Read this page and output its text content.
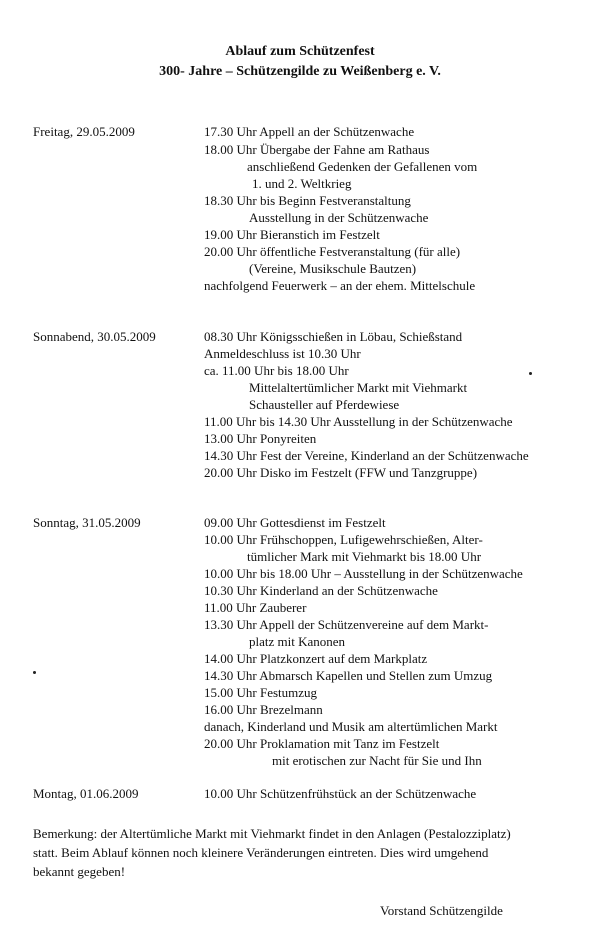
Ablauf zum Schützenfest
300- Jahre – Schützengilde zu Weißenberg e. V.
Freitag, 29.05.2009	17.30 Uhr Appell an der Schützenwache
18.00 Uhr Übergabe der Fahne am Rathaus
anschließend Gedenken der Gefallenen vom
1. und 2. Weltkrieg
18.30 Uhr bis Beginn Festveranstaltung
Ausstellung in der Schützenwache
19.00 Uhr Bieranstich im Festzelt
20.00 Uhr öffentliche Festveranstaltung (für alle)
(Vereine, Musikschule Bautzen)
nachfolgend Feuerwerk – an der ehem. Mittelschule
Sonnabend, 30.05.2009	08.30 Uhr Königsschießen in Löbau, Schießstand
Anmeldeschluss ist 10.30 Uhr
ca. 11.00 Uhr bis 18.00 Uhr
Mittelaltertümlicher Markt mit Viehmarkt
Schausteller auf Pferdewiese
11.00 Uhr bis 14.30 Uhr Ausstellung in der Schützenwache
13.00 Uhr Ponyreiten
14.30 Uhr Fest der Vereine, Kinderland an der Schützenwache
20.00 Uhr Disko im Festzelt (FFW und Tanzgruppe)
Sonntag, 31.05.2009	09.00 Uhr Gottesdienst im Festzelt
10.00 Uhr Frühschoppen, Lufigewehrschießen, Alter-
tümlicher Mark mit Viehmarkt bis 18.00 Uhr
10.00 Uhr bis 18.00 Uhr – Ausstellung in der Schützenwache
10.30 Uhr Kinderland an der Schützenwache
11.00 Uhr Zauberer
13.30 Uhr Appell der Schützenvereine auf dem Markt-
platz mit Kanonen
14.00 Uhr Platzkonzert auf dem Markplatz
14.30 Uhr Abmarsch Kapellen und Stellen zum Umzug
15.00 Uhr Festumzug
16.00 Uhr Brezelmann
danach, Kinderland und Musik am altertümlichen Markt
20.00 Uhr Proklamation mit Tanz im Festzelt
mit erotischen zur Nacht für Sie und Ihn
Montag, 01.06.2009	10.00 Uhr Schützenfrühstück an der Schützenwache
Bemerkung: der Altertümliche Markt mit Viehmarkt findet in den Anlagen (Pestalozziplatz)
statt. Beim Ablauf können noch kleinere Veränderungen eintreten. Dies wird umgehend
bekannt gegeben!
Vorstand Schützengilde
